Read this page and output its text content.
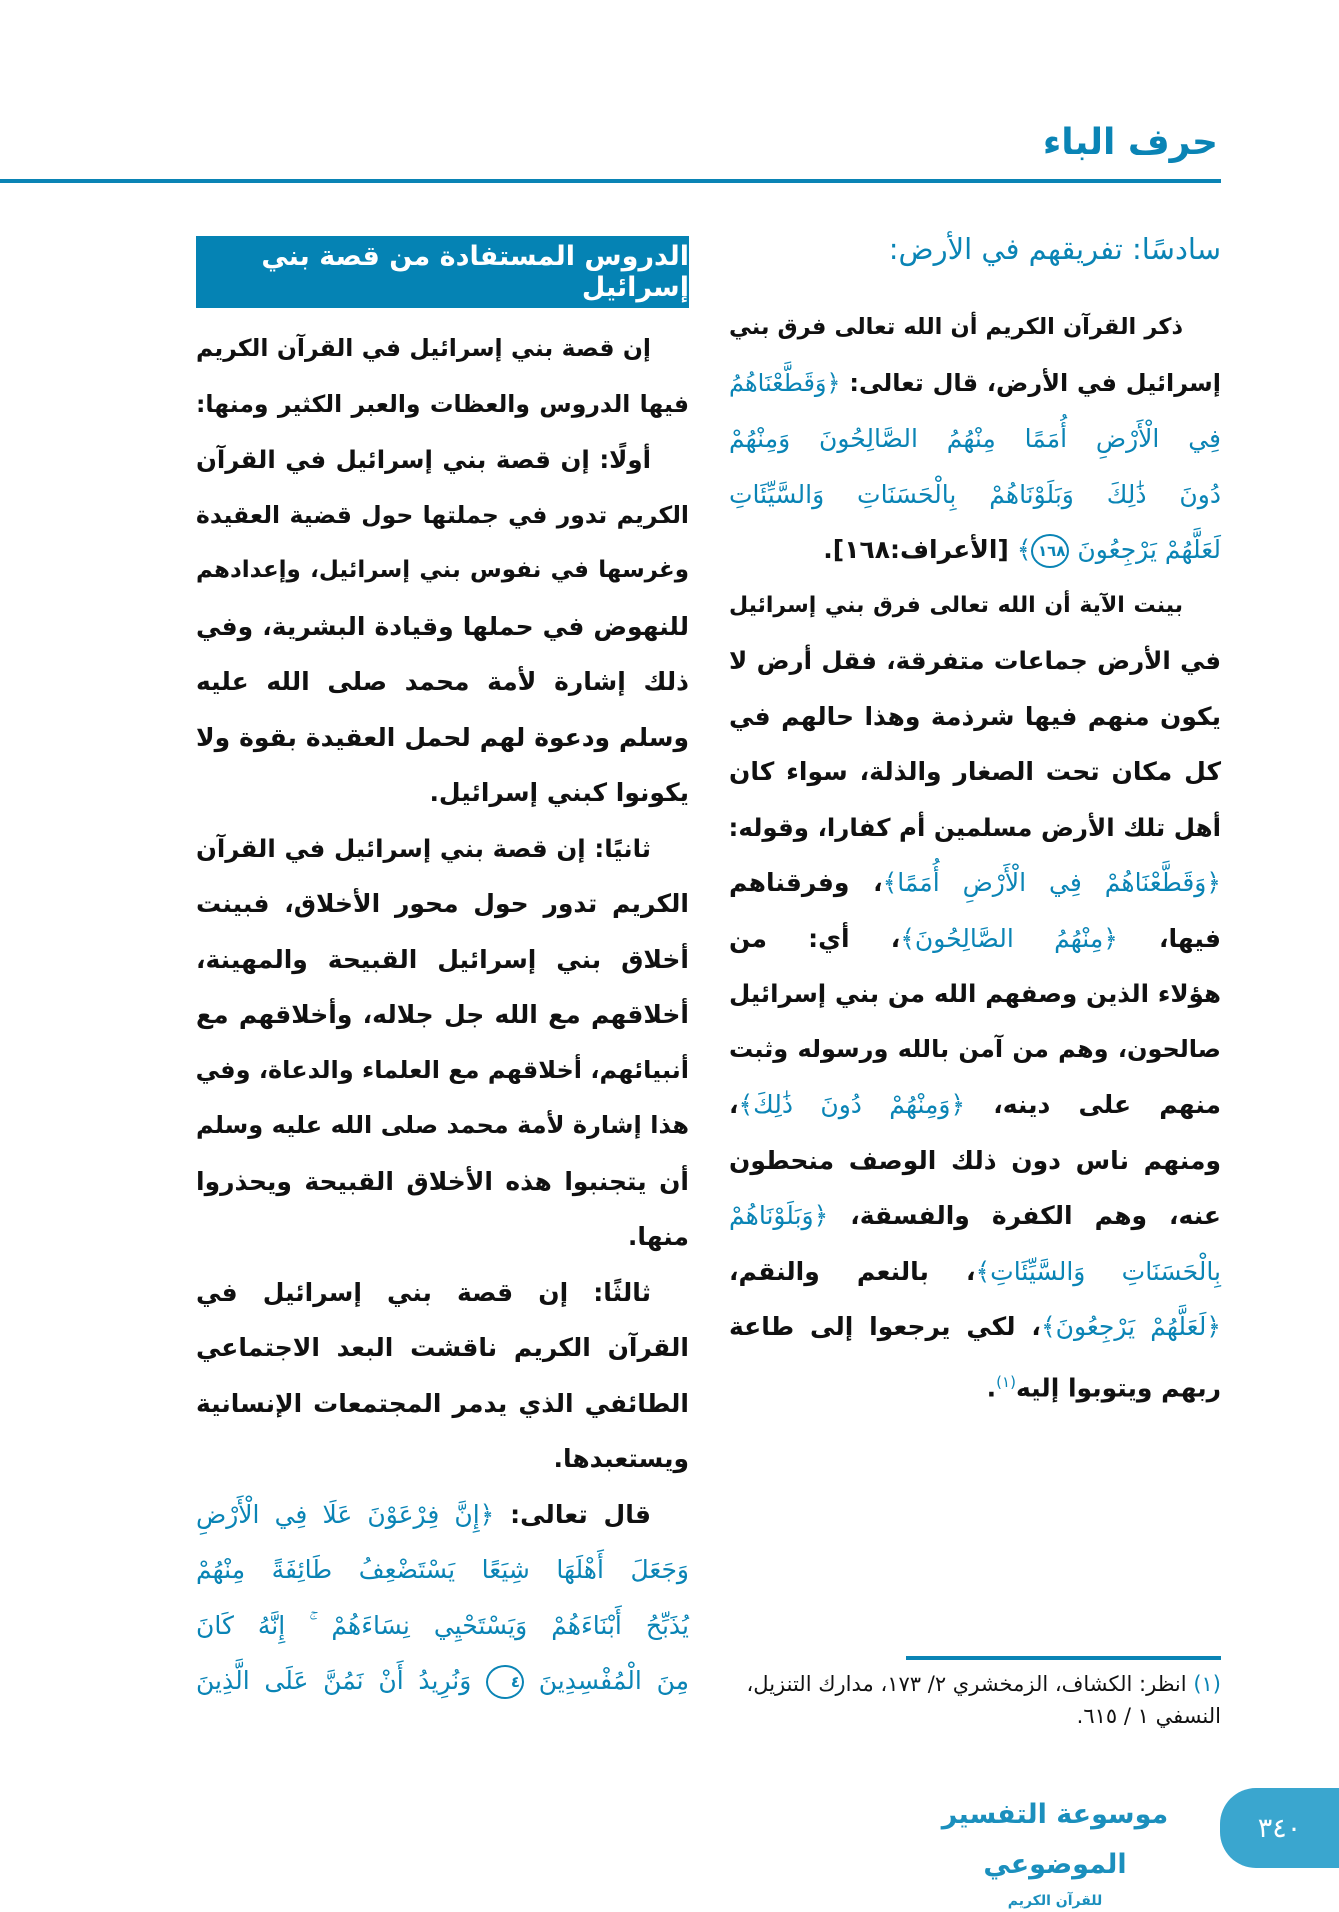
حرف الباء
سادسًا: تفريقهم في الأرض:
ذكر القرآن الكريم أن الله تعالى فرق بني
إسرائيل في الأرض، قال تعالى: ﴿وَقَطَّعْنَاهُمُ
فِي الْأَرْضِ أُمَمًا مِنْهُمُ الصَّالِحُونَ وَمِنْهُمْ
دُونَ ذَٰلِكَ وَبَلَوْنَاهُمْ بِالْحَسَنَاتِ وَالسَّيِّئَاتِ
لَعَلَّهُمْ يَرْجِعُونَ ١٦٨﴾ [الأعراف:١٦٨].
بينت الآية أن الله تعالى فرق بني إسرائيل
في الأرض جماعات متفرقة، فقل أرض لا
يكون منهم فيها شرذمة وهذا حالهم في
كل مكان تحت الصغار والذلة، سواء كان
أهل تلك الأرض مسلمين أم كفارا، وقوله:
﴿وَقَطَّعْنَاهُمْ فِي الْأَرْضِ أُمَمًا﴾، وفرقناهم
فيها، ﴿مِنْهُمُ الصَّالِحُونَ﴾، أي: من
هؤلاء الذين وصفهم الله من بني إسرائيل
صالحون، وهم من آمن بالله ورسوله وثبت
منهم على دينه، ﴿وَمِنْهُمْ دُونَ ذَٰلِكَ﴾،
ومنهم ناس دون ذلك الوصف منحطون
عنه، وهم الكفرة والفسقة، ﴿وَبَلَوْنَاهُمْ
بِالْحَسَنَاتِ وَالسَّيِّئَاتِ﴾، بالنعم والنقم،
﴿لَعَلَّهُمْ يَرْجِعُونَ﴾، لكي يرجعوا إلى طاعة
ربهم ويتوبوا إليه$^{(١)}$.
الدروس المستفادة من قصة بني إسرائيل
إن قصة بني إسرائيل في القرآن الكريم
فيها الدروس والعظات والعبر الكثير ومنها:
أولًا: إن قصة بني إسرائيل في القرآن
الكريم تدور في جملتها حول قضية العقيدة
وغرسها في نفوس بني إسرائيل، وإعدادهم
للنهوض في حملها وقيادة البشرية، وفي
ذلك إشارة لأمة محمد صلى الله عليه
وسلم ودعوة لهم لحمل العقيدة بقوة ولا
يكونوا كبني إسرائيل.
ثانيًا: إن قصة بني إسرائيل في القرآن
الكريم تدور حول محور الأخلاق، فبينت
أخلاق بني إسرائيل القبيحة والمهينة،
أخلاقهم مع الله جل جلاله، وأخلاقهم مع
أنبيائهم، أخلاقهم مع العلماء والدعاة، وفي
هذا إشارة لأمة محمد صلى الله عليه وسلم
أن يتجنبوا هذه الأخلاق القبيحة ويحذروا
منها.
ثالثًا: إن قصة بني إسرائيل في
القرآن الكريم ناقشت البعد الاجتماعي
الطائفي الذي يدمر المجتمعات الإنسانية
ويستعبدها.
قال تعالى: ﴿إِنَّ فِرْعَوْنَ عَلَا فِي الْأَرْضِ
وَجَعَلَ أَهْلَهَا شِيَعًا يَسْتَضْعِفُ طَائِفَةً مِنْهُمْ
يُذَبِّحُ أَبْنَاءَهُمْ وَيَسْتَحْيِي نِسَاءَهُمْ ۚ إِنَّهُ كَانَ
مِنَ الْمُفْسِدِينَ ٤ وَنُرِيدُ أَنْ نَمُنَّ عَلَى الَّذِينَ	(١) انظر: الكشاف، الزمخشري ٢/ ١٧٣، مدارك التنزيل، النسفي ١ / ٦١٥.
موسوعة التفسير الموضوعي
للقرآن الكريم
٣٤٠
